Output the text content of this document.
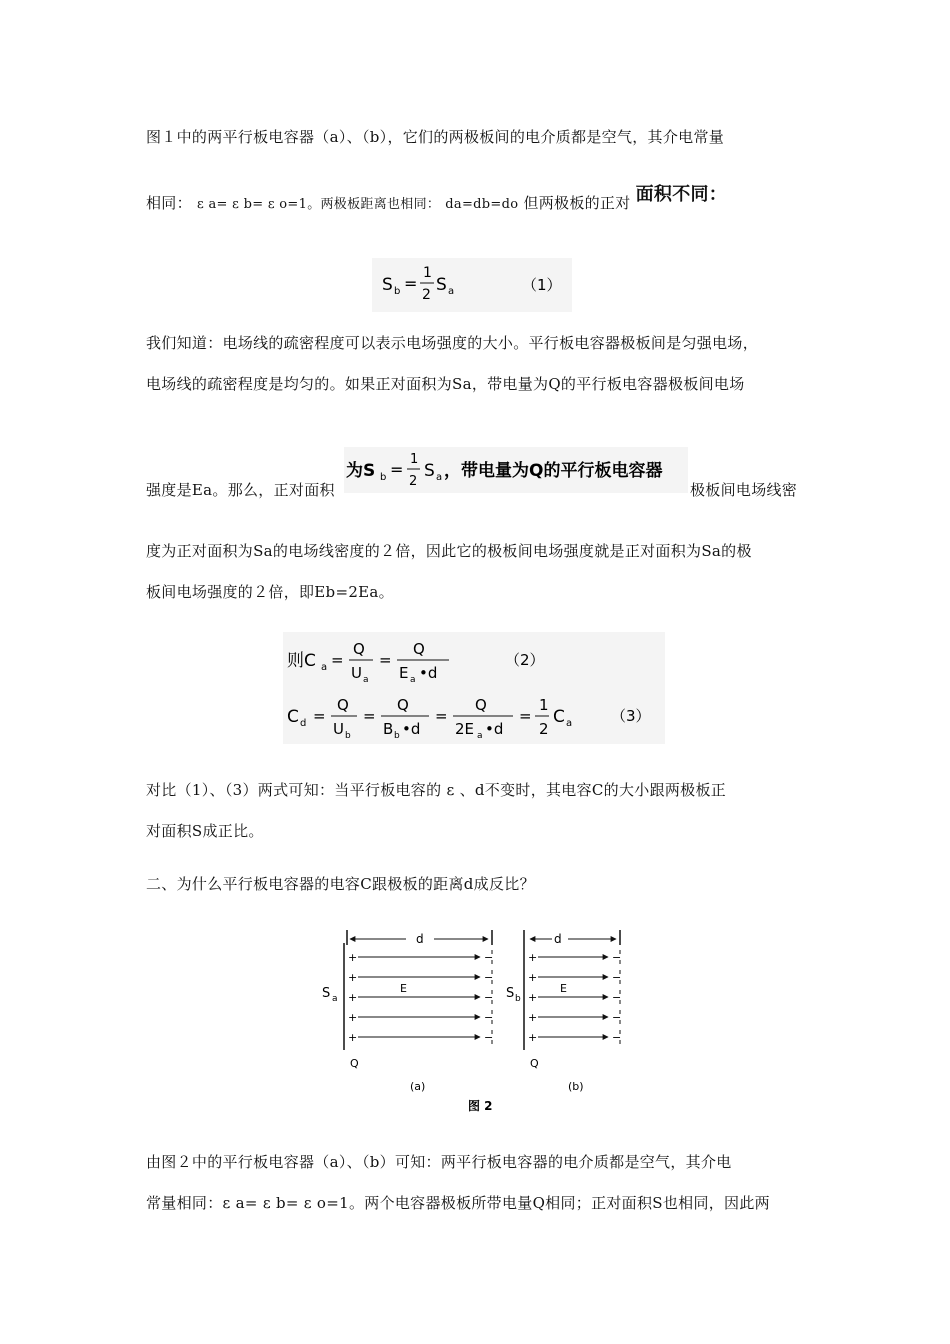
图１中的两平行板电容器（a）、（b），它们的两极板间的电介质都是空气，其介电常量
相同： ε a= ε b= ε o=1。两极板距离也相同： da=db=do 但两极板的正对 面积不同：
S b =
1
2 S a	（1）
我们知道：电场线的疏密程度可以表示电场强度的大小。平行板电容器极板间是匀强电场，
电场线的疏密程度是均匀的。如果正对面积为Sa，带电量为Q的平行板电容器极板间电场
强度是Ea。那么，正对面积
为S b =
1
2
S a ，带电量为Q的平行板电容器
极板间电场线密
度为正对面积为Sa的电场线密度的２倍，因此它的极板间电场强度就是正对面积为Sa的极
板间电场强度的２倍，即Eb=2Ea。
则C a =
Q
U a
=
Q
E a •d
（2）
C d =
Q
U b
=
Q
B b •d
=
Q
2E a •d
=
1
2
C a	（3）
对比（1）、（3）两式可知：当平行板电容的 ε 、d不变时，其电容C的大小跟两极板正
对面积S成正比。
二、为什么平行板电容器的电容C跟极板的距离d成反比？
d
+	−
+	−
+	−
+	−
+	−
S a
E
Q
(a)
d
+	−
+	−
+	−
+	−
+	−
S b
E
Q
(b)
图 2
由图２中的平行板电容器（a）、（b）可知：两平行板电容器的电介质都是空气，其介电
常量相同：ε a= ε b= ε o=1。两个电容器极板所带电量Q相同；正对面积S也相同，因此两
